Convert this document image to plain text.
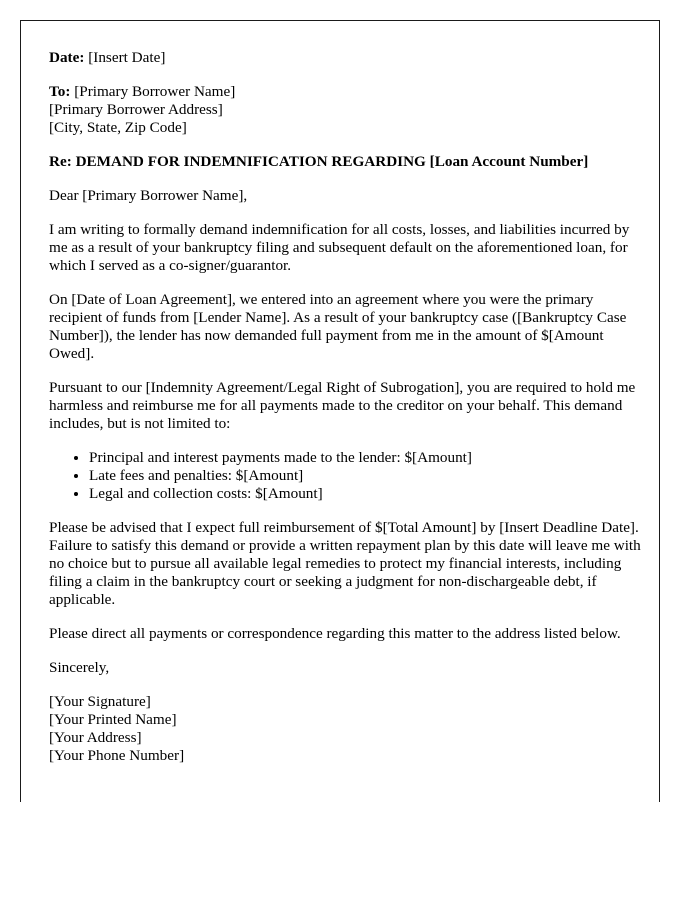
Date: [Insert Date]

To: [Primary Borrower Name]
[Primary Borrower Address]
[City, State, Zip Code]

Re: DEMAND FOR INDEMNIFICATION REGARDING [Loan Account Number]

Dear [Primary Borrower Name],

I am writing to formally demand indemnification for all costs, losses, and liabilities incurred by me as a result of your bankruptcy filing and subsequent default on the aforementioned loan, for which I served as a co-signer/guarantor.

On [Date of Loan Agreement], we entered into an agreement where you were the primary recipient of funds from [Lender Name]. As a result of your bankruptcy case ([Bankruptcy Case Number]), the lender has now demanded full payment from me in the amount of $[Amount Owed].

Pursuant to our [Indemnity Agreement/Legal Right of Subrogation], you are required to hold me harmless and reimburse me for all payments made to the creditor on your behalf. This demand includes, but is not limited to:

• Principal and interest payments made to the lender: $[Amount]
• Late fees and penalties: $[Amount]
• Legal and collection costs: $[Amount]

Please be advised that I expect full reimbursement of $[Total Amount] by [Insert Deadline Date]. Failure to satisfy this demand or provide a written repayment plan by this date will leave me with no choice but to pursue all available legal remedies to protect my financial interests, including filing a claim in the bankruptcy court or seeking a judgment for non-dischargeable debt, if applicable.

Please direct all payments or correspondence regarding this matter to the address listed below.

Sincerely,

[Your Signature]

[Your Printed Name]

[Your Address]

[Your Phone Number]
